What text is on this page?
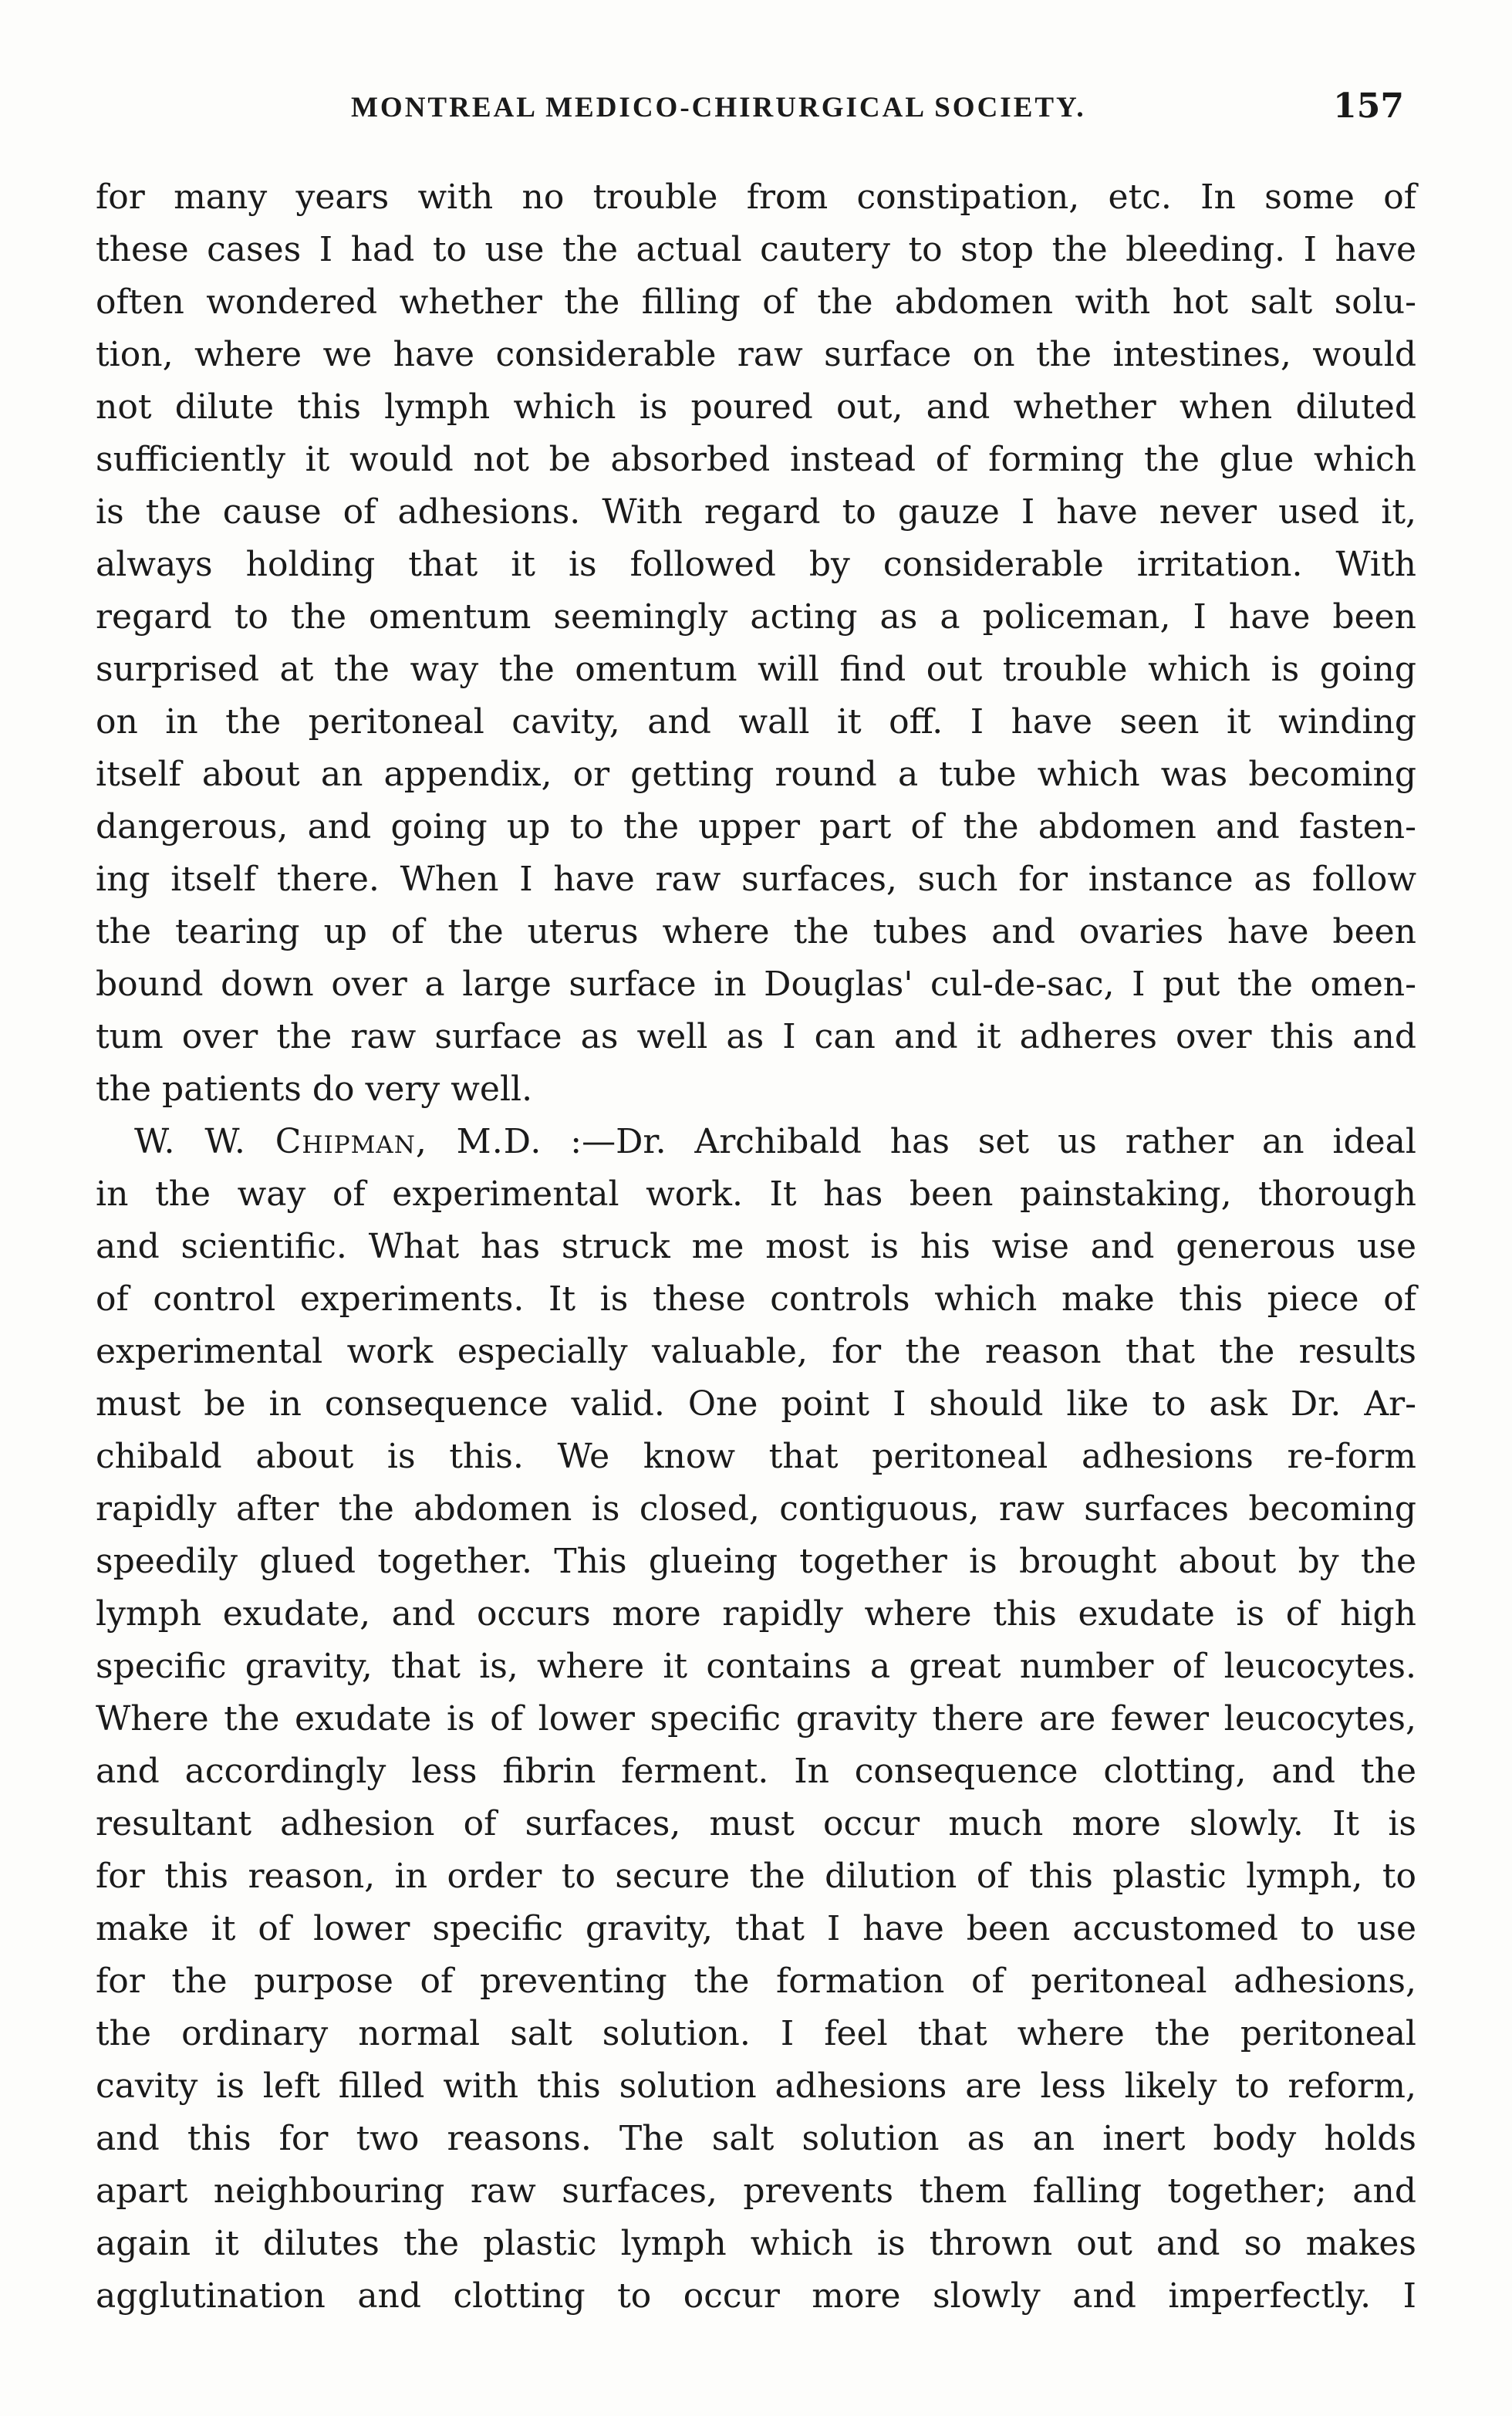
MONTREAL MEDICO-CHIRURGICAL SOCIETY.	157
for many years with no trouble from constipation, etc. In some of
these cases I had to use the actual cautery to stop the bleeding. I have
often wondered whether the filling of the abdomen with hot salt solu-
tion, where we have considerable raw surface on the intestines, would
not dilute this lymph which is poured out, and whether when diluted
sufficiently it would not be absorbed instead of forming the glue which
is the cause of adhesions. With regard to gauze I have never used it,
always holding that it is followed by considerable irritation. With
regard to the omentum seemingly acting as a policeman, I have been
surprised at the way the omentum will find out trouble which is going
on in the peritoneal cavity, and wall it off. I have seen it winding
itself about an appendix, or getting round a tube which was becoming
dangerous, and going up to the upper part of the abdomen and fasten-
ing itself there. When I have raw surfaces, such for instance as follow
the tearing up of the uterus where the tubes and ovaries have been
bound down over a large surface in Douglas' cul-de-sac, I put the omen-
tum over the raw surface as well as I can and it adheres over this and
the patients do very well.
W. W. Chipman, M.D. :—Dr. Archibald has set us rather an ideal
in the way of experimental work. It has been painstaking, thorough
and scientific. What has struck me most is his wise and generous use
of control experiments. It is these controls which make this piece of
experimental work especially valuable, for the reason that the results
must be in consequence valid. One point I should like to ask Dr. Ar-
chibald about is this. We know that peritoneal adhesions re-form
rapidly after the abdomen is closed, contiguous, raw surfaces becoming
speedily glued together. This glueing together is brought about by the
lymph exudate, and occurs more rapidly where this exudate is of high
specific gravity, that is, where it contains a great number of leucocytes.
Where the exudate is of lower specific gravity there are fewer leucocytes,
and accordingly less fibrin ferment. In consequence clotting, and the
resultant adhesion of surfaces, must occur much more slowly. It is
for this reason, in order to secure the dilution of this plastic lymph, to
make it of lower specific gravity, that I have been accustomed to use
for the purpose of preventing the formation of peritoneal adhesions,
the ordinary normal salt solution. I feel that where the peritoneal
cavity is left filled with this solution adhesions are less likely to reform,
and this for two reasons. The salt solution as an inert body holds
apart neighbouring raw surfaces, prevents them falling together; and
again it dilutes the plastic lymph which is thrown out and so makes
agglutination and clotting to occur more slowly and imperfectly. I
